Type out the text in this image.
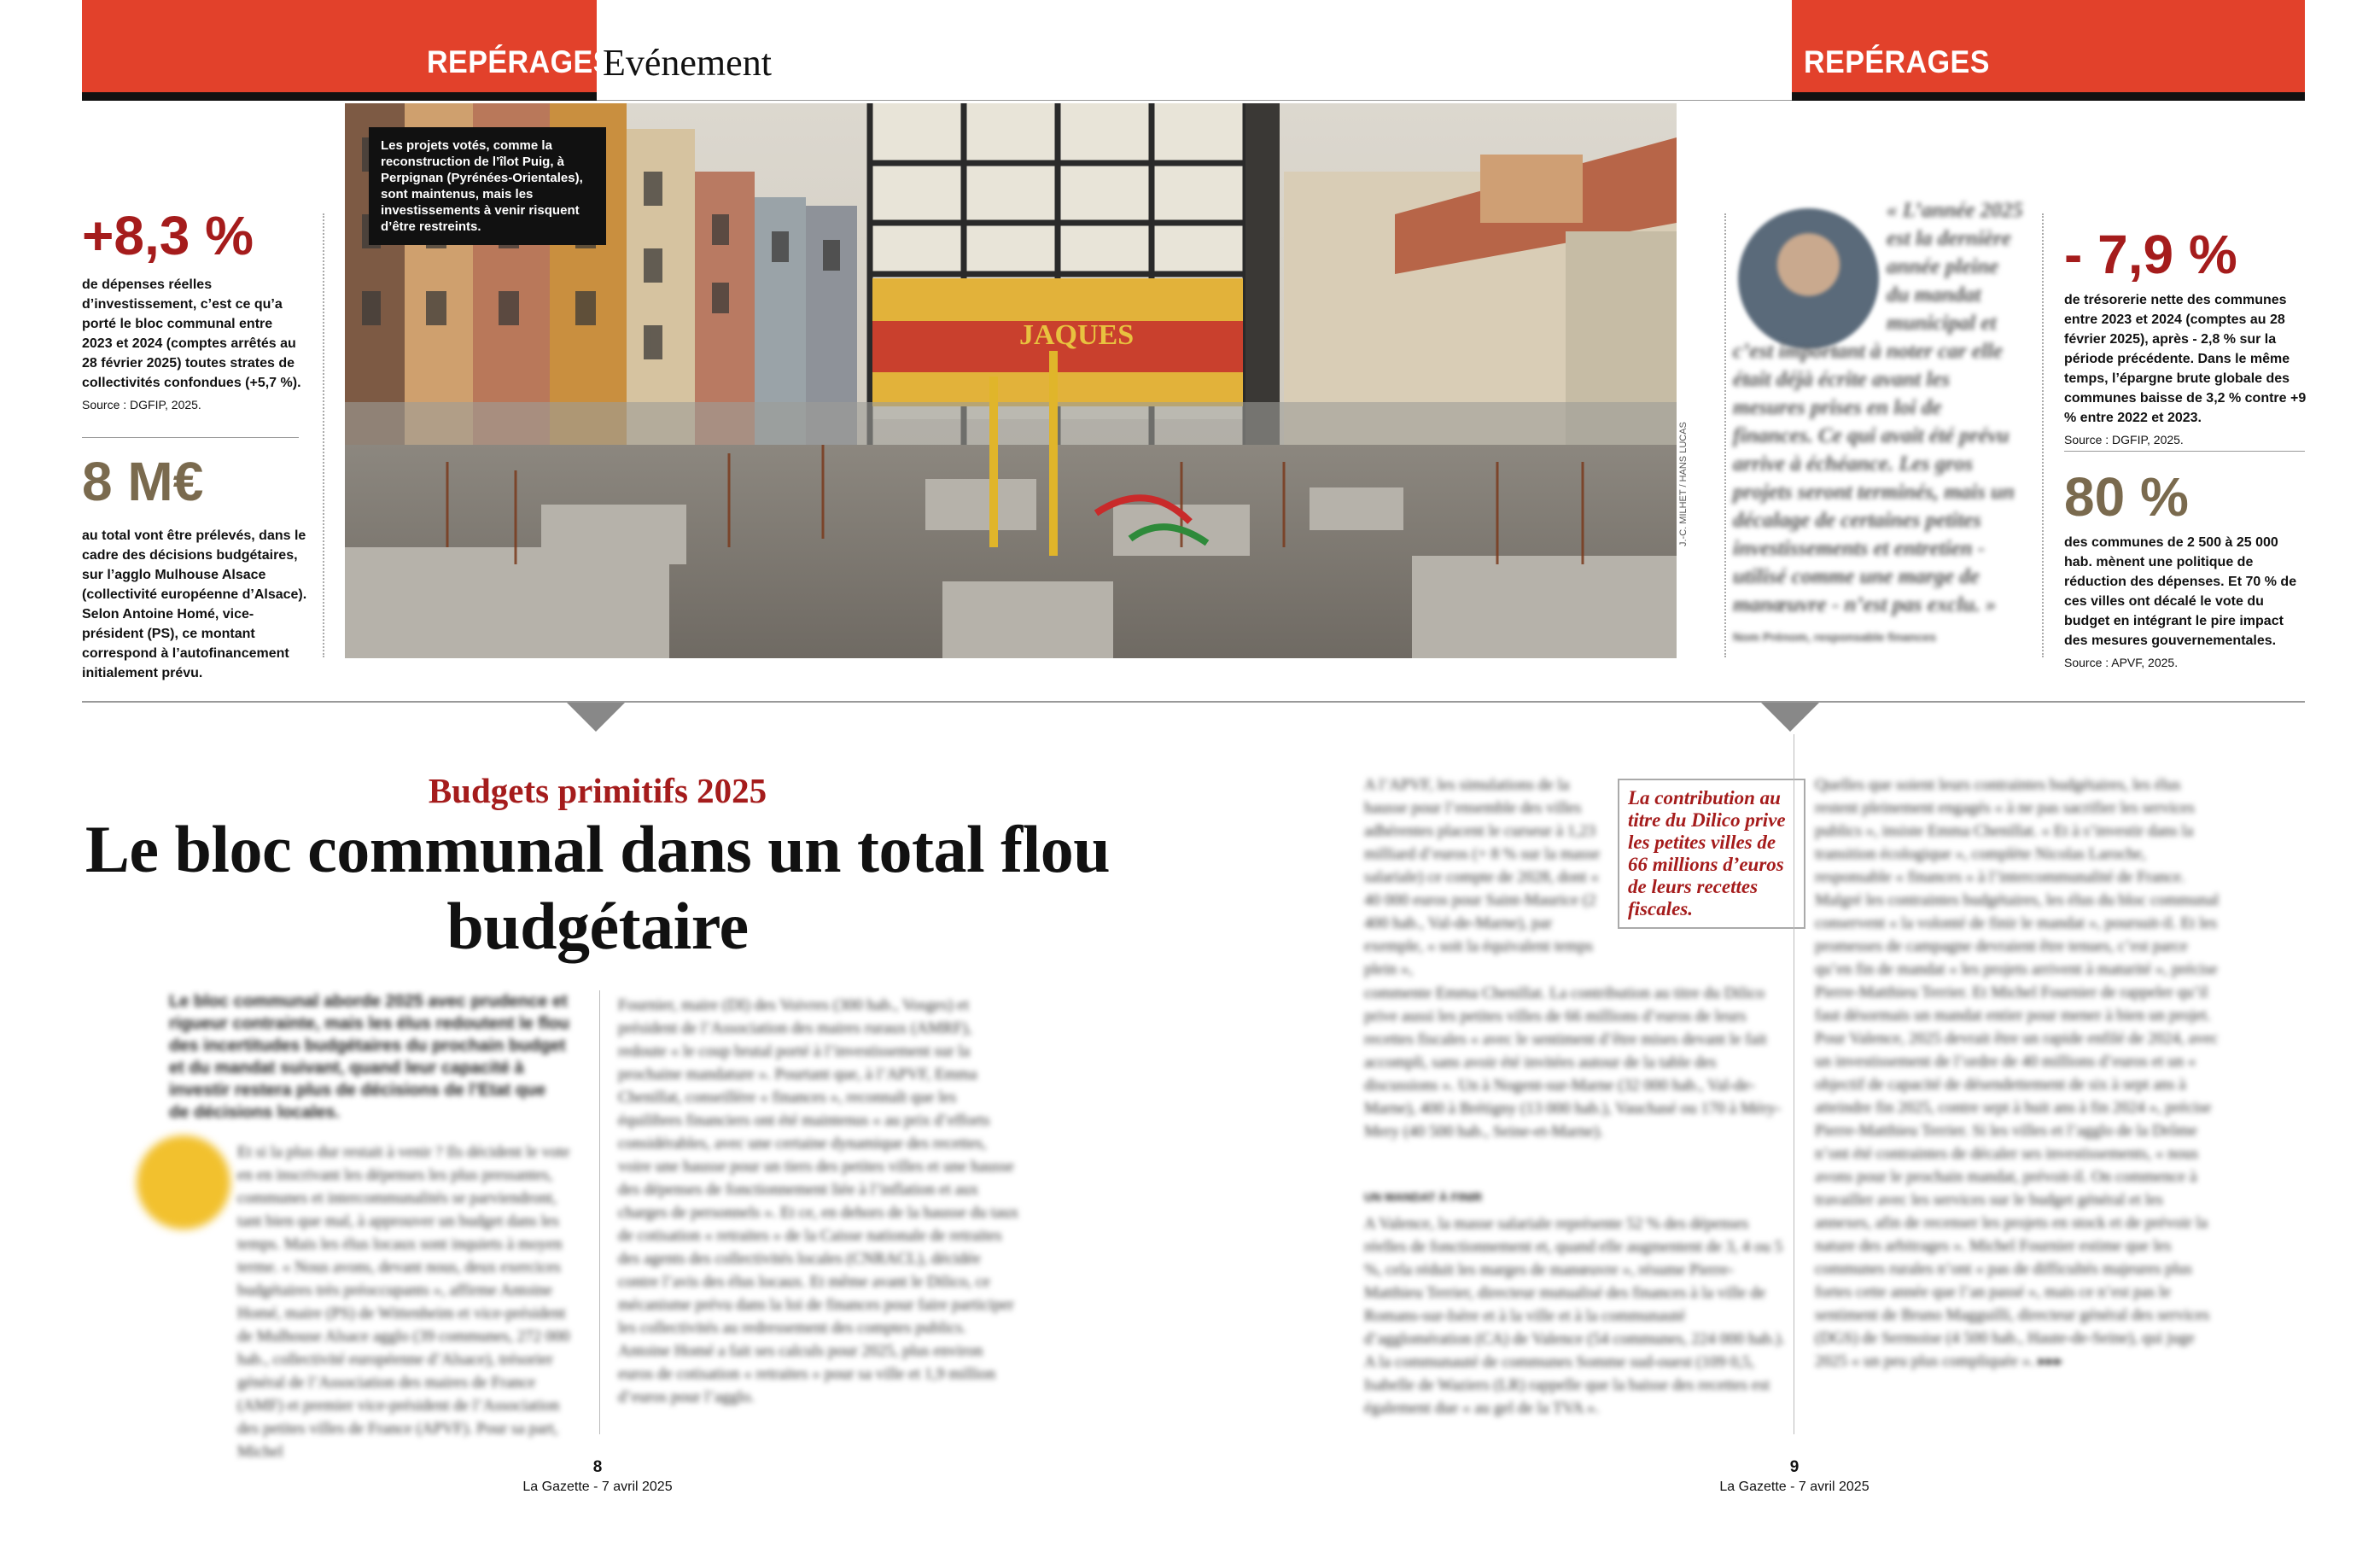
REPÉRAGES
Evénement	REPÉRAGES
+8,3 %
de dépenses réelles d’investissement, c’est ce qu’a porté le bloc communal entre 2023 et 2024 (comptes arrêtés au 28 février 2025) toutes strates de collectivités confondues (+5,7 %).
Source : DGFIP, 2025.
8 M€
au total vont être prélevés, dans le cadre des décisions budgétaires, sur l’agglo Mulhouse Alsace (collectivité européenne d’Alsace). Selon Antoine Homé, vice-président (PS), ce montant correspond à l’autofinancement initialement prévu.
JAQUES
Les projets votés, comme la reconstruction de l’îlot Puig, à Perpignan (Pyrénées-Orientales), sont maintenus, mais les investissements à venir risquent d’être restreints.
J.-C. MILHET / HANS LUCAS
« L’année 2025 est la dernière année pleine du mandat municipal et
c’est important à noter car elle était déjà écrite avant les mesures prises en loi de finances. Ce qui avait été prévu arrive à échéance. Les gros projets seront terminés, mais un décalage de certaines petites investissements et entretien - utilisé comme une marge de manœuvre - n’est pas exclu. »
Nom Prénom, responsable finances
- 7,9 %
de trésorerie nette des communes entre 2023 et 2024 (comptes au 28 février 2025), après - 2,8 % sur la période précédente. Dans le même temps, l’épargne brute globale des communes baisse de 3,2 % contre +9 % entre 2022 et 2023.
Source : DGFIP, 2025.
80 %
des communes de 2 500 à 25 000 hab. mènent une politique de réduction des dépenses. Et 70 % de ces villes ont décalé le vote du budget en intégrant le pire impact des mesures gouvernementales.
Source : APVF, 2025.
Budgets primitifs 2025
Le bloc communal dans un total flou budgétaire
Le bloc communal aborde 2025 avec prudence et rigueur contrainte, mais les élus redoutent le flou des incertitudes budgétaires du prochain budget et du mandat suivant, quand leur capacité à investir restera plus de décisions de l’Etat que de décisions locales.
Et si la plus dur restait à venir ? Ils décident le vote en en inscrivant les dépenses les plus pressantes, communes et intercommunalités se parviendront, tant bien que mal, à approuver un budget dans les temps. Mais les élus locaux sont inquiets à moyen terme. « Nous avons, devant nous, deux exercices budgétaires très préoccupants », affirme Antoine Homé, maire (PS) de Wittenheim et vice-président de Mulhouse Alsace agglo (39 communes, 272 000 hab., collectivité européenne d’Alsace), trésorier général de l’Association des maires de France (AMF) et premier vice-président de l’Association des petites villes de France (APVF). Pour sa part, Michel
Fournier, maire (DI) des Voivres (300 hab., Vosges) et président de l’Association des maires ruraux (AMRF), redoute « le coup brutal porté à l’investissement sur la prochaine mandature ». Pourtant que, à l’APVF, Emma Chenillat, conseillère « finances », reconnaît que les équilibres financiers ont été maintenus « au prix d’efforts considérables, avec une certaine dynamique des recettes, voire une hausse pour un tiers des petites villes et une hausse des dépenses de fonctionnement liée à l’inflation et aux charges de personnels ». Et ce, en dehors de la hausse du taux de cotisation « retraites » de la Caisse nationale de retraites des agents des collectivités locales (CNRACL), décidée contre l’avis des élus locaux. Et même avant le Dilico, ce mécanisme prévu dans la loi de finances pour faire participer les collectivités au redressement des comptes publics. Antoine Homé a fait ses calculs pour 2025, plus environ euros de cotisation « retraites » pour sa ville et 1,9 million d’euros pour l’agglo.
A l’APVF, les simulations de la hausse pour l’ensemble des villes adhérentes placent le curseur à 1,23 milliard d’euros (+ 8 % sur la masse salariale) ce compte de 2028, dont « 40 000 euros pour Saint-Maurice (2 400 hab., Val-de-Marne), par exemple, « soit la équivalent temps plein »,
commente Emma Chenillat. La contribution au titre du Dilico prive aussi les petites villes de 66 millions d’euros de leurs recettes fiscales « avec le sentiment d’être mises devant le fait accompli, sans avoir été invitées autour de la table des discussions ». Un à Nogent-sur-Marne (32 000 hab., Val-de-Marne), 400 à Brétigny (13 000 hab.), Vauchasé ou 170 à Méry-Mery (40 500 hab., Seine-et-Marne).
UN MANDAT À FINIR
A Valence, la masse salariale représente 52 % des dépenses réelles de fonctionnement et, quand elle augmentent de 3, 4 ou 5 %, cela réduit les marges de manœuvre », résume Pierre-Matthieu Terrier, directeur mutualisé des finances à la ville de Romans-sur-Isère et à la ville et à la communauté d’agglomération (CA) de Valence (54 communes, 224 000 hab.). A la communauté de communes Somme sud-ouest (109 0,5, Isabelle de Waziers (LR) rappelle que la baisse des recettes est également due « au gel de la TVA ».
La contribution au titre du Dilico prive les petites villes de 66 millions d’euros de leurs recettes fiscales.
Quelles que soient leurs contraintes budgétaires, les élus restent pleinement engagés « à ne pas sacrifier les services publics », insiste Emma Chenillat. « Et à s’investir dans la transition écologique », complète Nicolas Laroche, responsable « finances » à l’intercommunalité de France. Malgré les contraintes budgétaires, les élus du bloc communal conservent « la volonté de finir le mandat », poursuit-il. Et les promesses de campagne devraient être tenues, c’est parce qu’en fin de mandat « les projets arrivent à maturité », précise Pierre-Matthieu Terrier. Et Michel Fournier de rappeler qu’il faut désormais un mandat entier pour mener à bien un projet. Pour Valence, 2025 devrait être un rapide enfilé de 2024, avec un investissement de l’ordre de 40 millions d’euros et un « objectif de capacité de désendettement de six à sept ans à atteindre fin 2025, contre sept à huit ans à fin 2024 », précise Pierre-Matthieu Terrier. Si les villes et l’agglo de la Drôme n’ont été contraintes de décaler ses investissements, « nous avons pour le prochain mandat, prévoit-il. On commence à travailler avec les services sur le budget général et les annexes, afin de recenser les projets en stock et de prévoir la nature des arbitrages ». Michel Fournier estime que les communes rurales n’ont « pas de difficultés majeures plus fortes cette année que l’an passé », mais ce n’est pas le sentiment de Bruno Magguilli, directeur général des services (DGS) de Sermoise (4 500 hab., Haute-de-Seine), qui juge 2025 « un peu plus compliquée ». ▸▸▸
8
La Gazette - 7 avril 2025
9
La Gazette - 7 avril 2025
